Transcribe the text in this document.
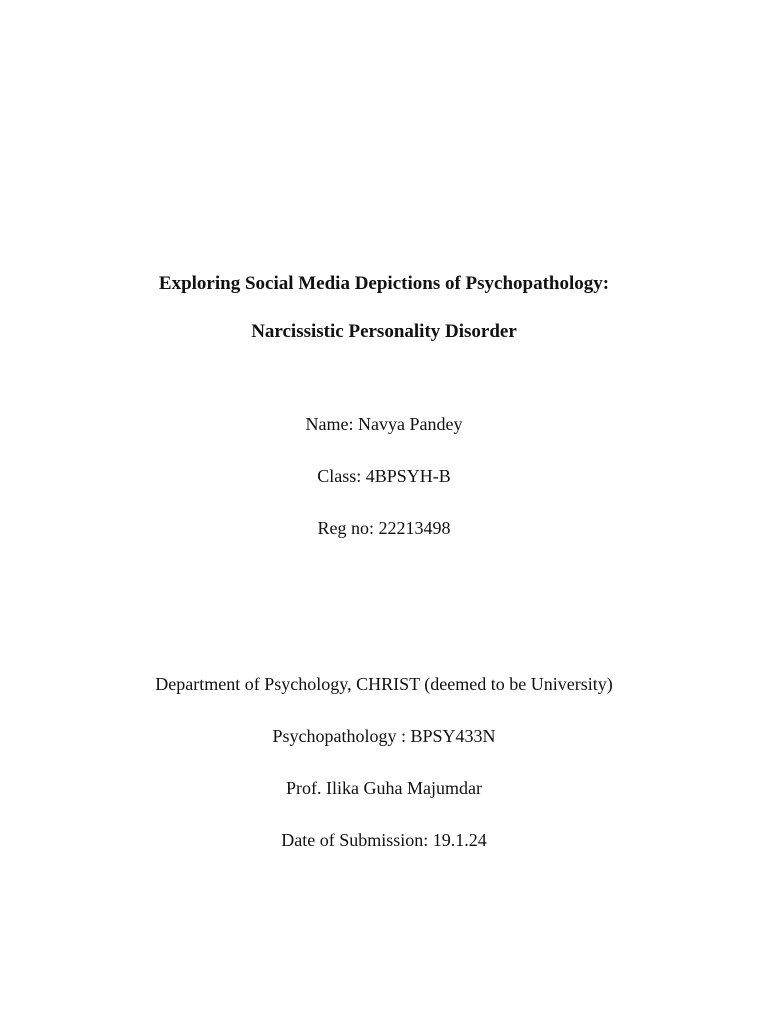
Exploring Social Media Depictions of Psychopathology:
Narcissistic Personality Disorder
Name: Navya Pandey
Class: 4BPSYH-B
Reg no: 22213498
Department of Psychology, CHRIST (deemed to be University)
Psychopathology : BPSY433N
Prof. Ilika Guha Majumdar
Date of Submission: 19.1.24
